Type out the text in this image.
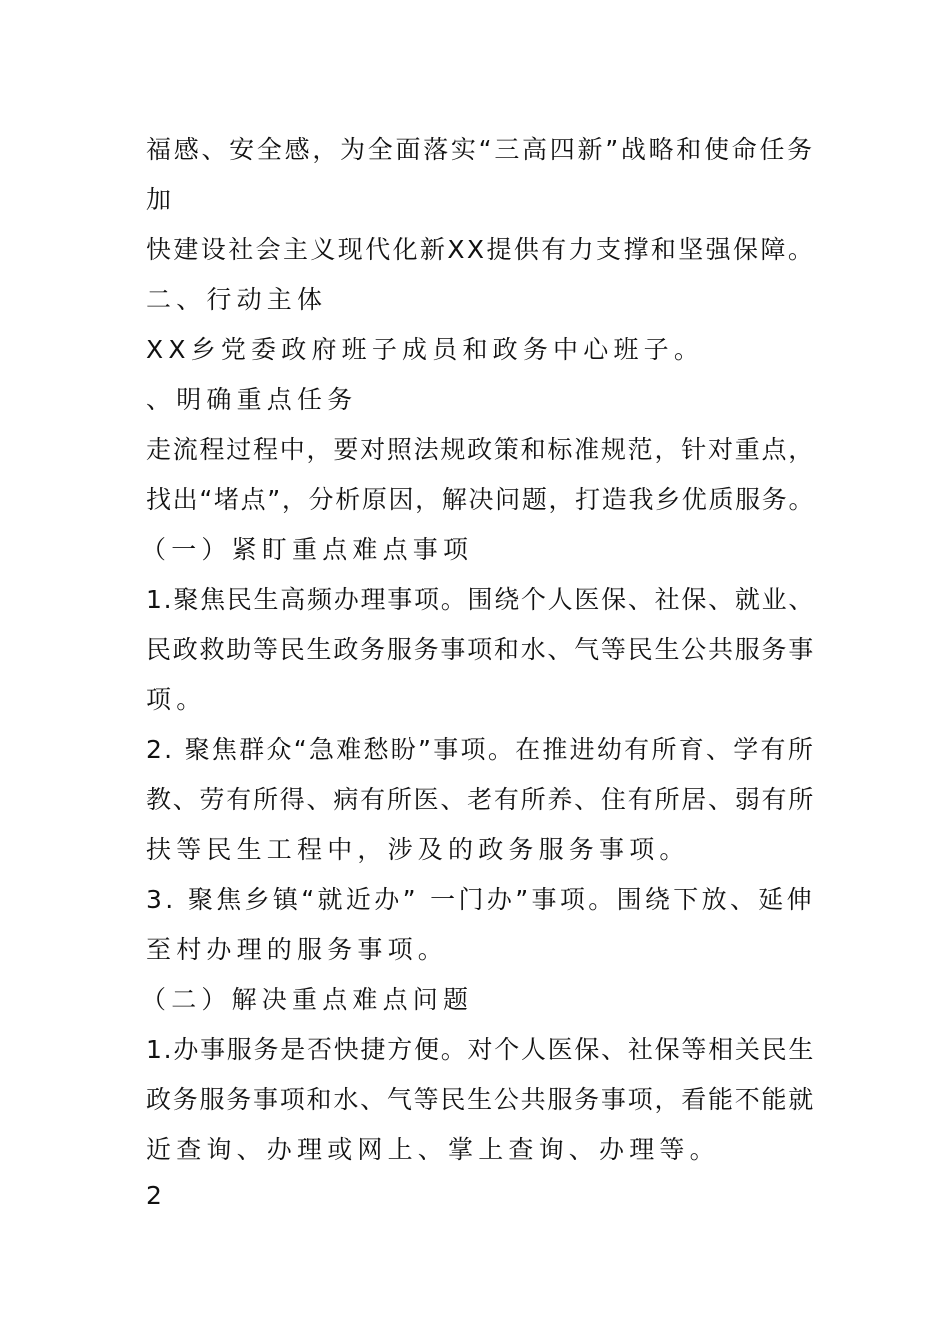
福感、安全感，为全面落实“三高四新”战略和使命任务
加
快建设社会主义现代化新XX提供有力支撑和坚强保障。
二、行动主体
XX乡党委政府班子成员和政务中心班子。
、明确重点任务
走流程过程中，要对照法规政策和标准规范，针对重点，
找出“堵点”，分析原因，解决问题，打造我乡优质服务。
（一）紧盯重点难点事项
1.聚焦民生高频办理事项。围绕个人医保、社保、就业、
民政救助等民生政务服务事项和水、气等民生公共服务事
项。
2. 聚焦群众“急难愁盼”事项。在推进幼有所育、学有所
教、劳有所得、病有所医、老有所养、住有所居、弱有所
扶等民生工程中，涉及的政务服务事项。
3. 聚焦乡镇“就近办” 一门办”事项。围绕下放、延伸
至村办理的服务事项。
（二）解决重点难点问题
1.办事服务是否快捷方便。对个人医保、社保等相关民生
政务服务事项和水、气等民生公共服务事项，看能不能就
近查询、办理或网上、掌上查询、办理等。
2
